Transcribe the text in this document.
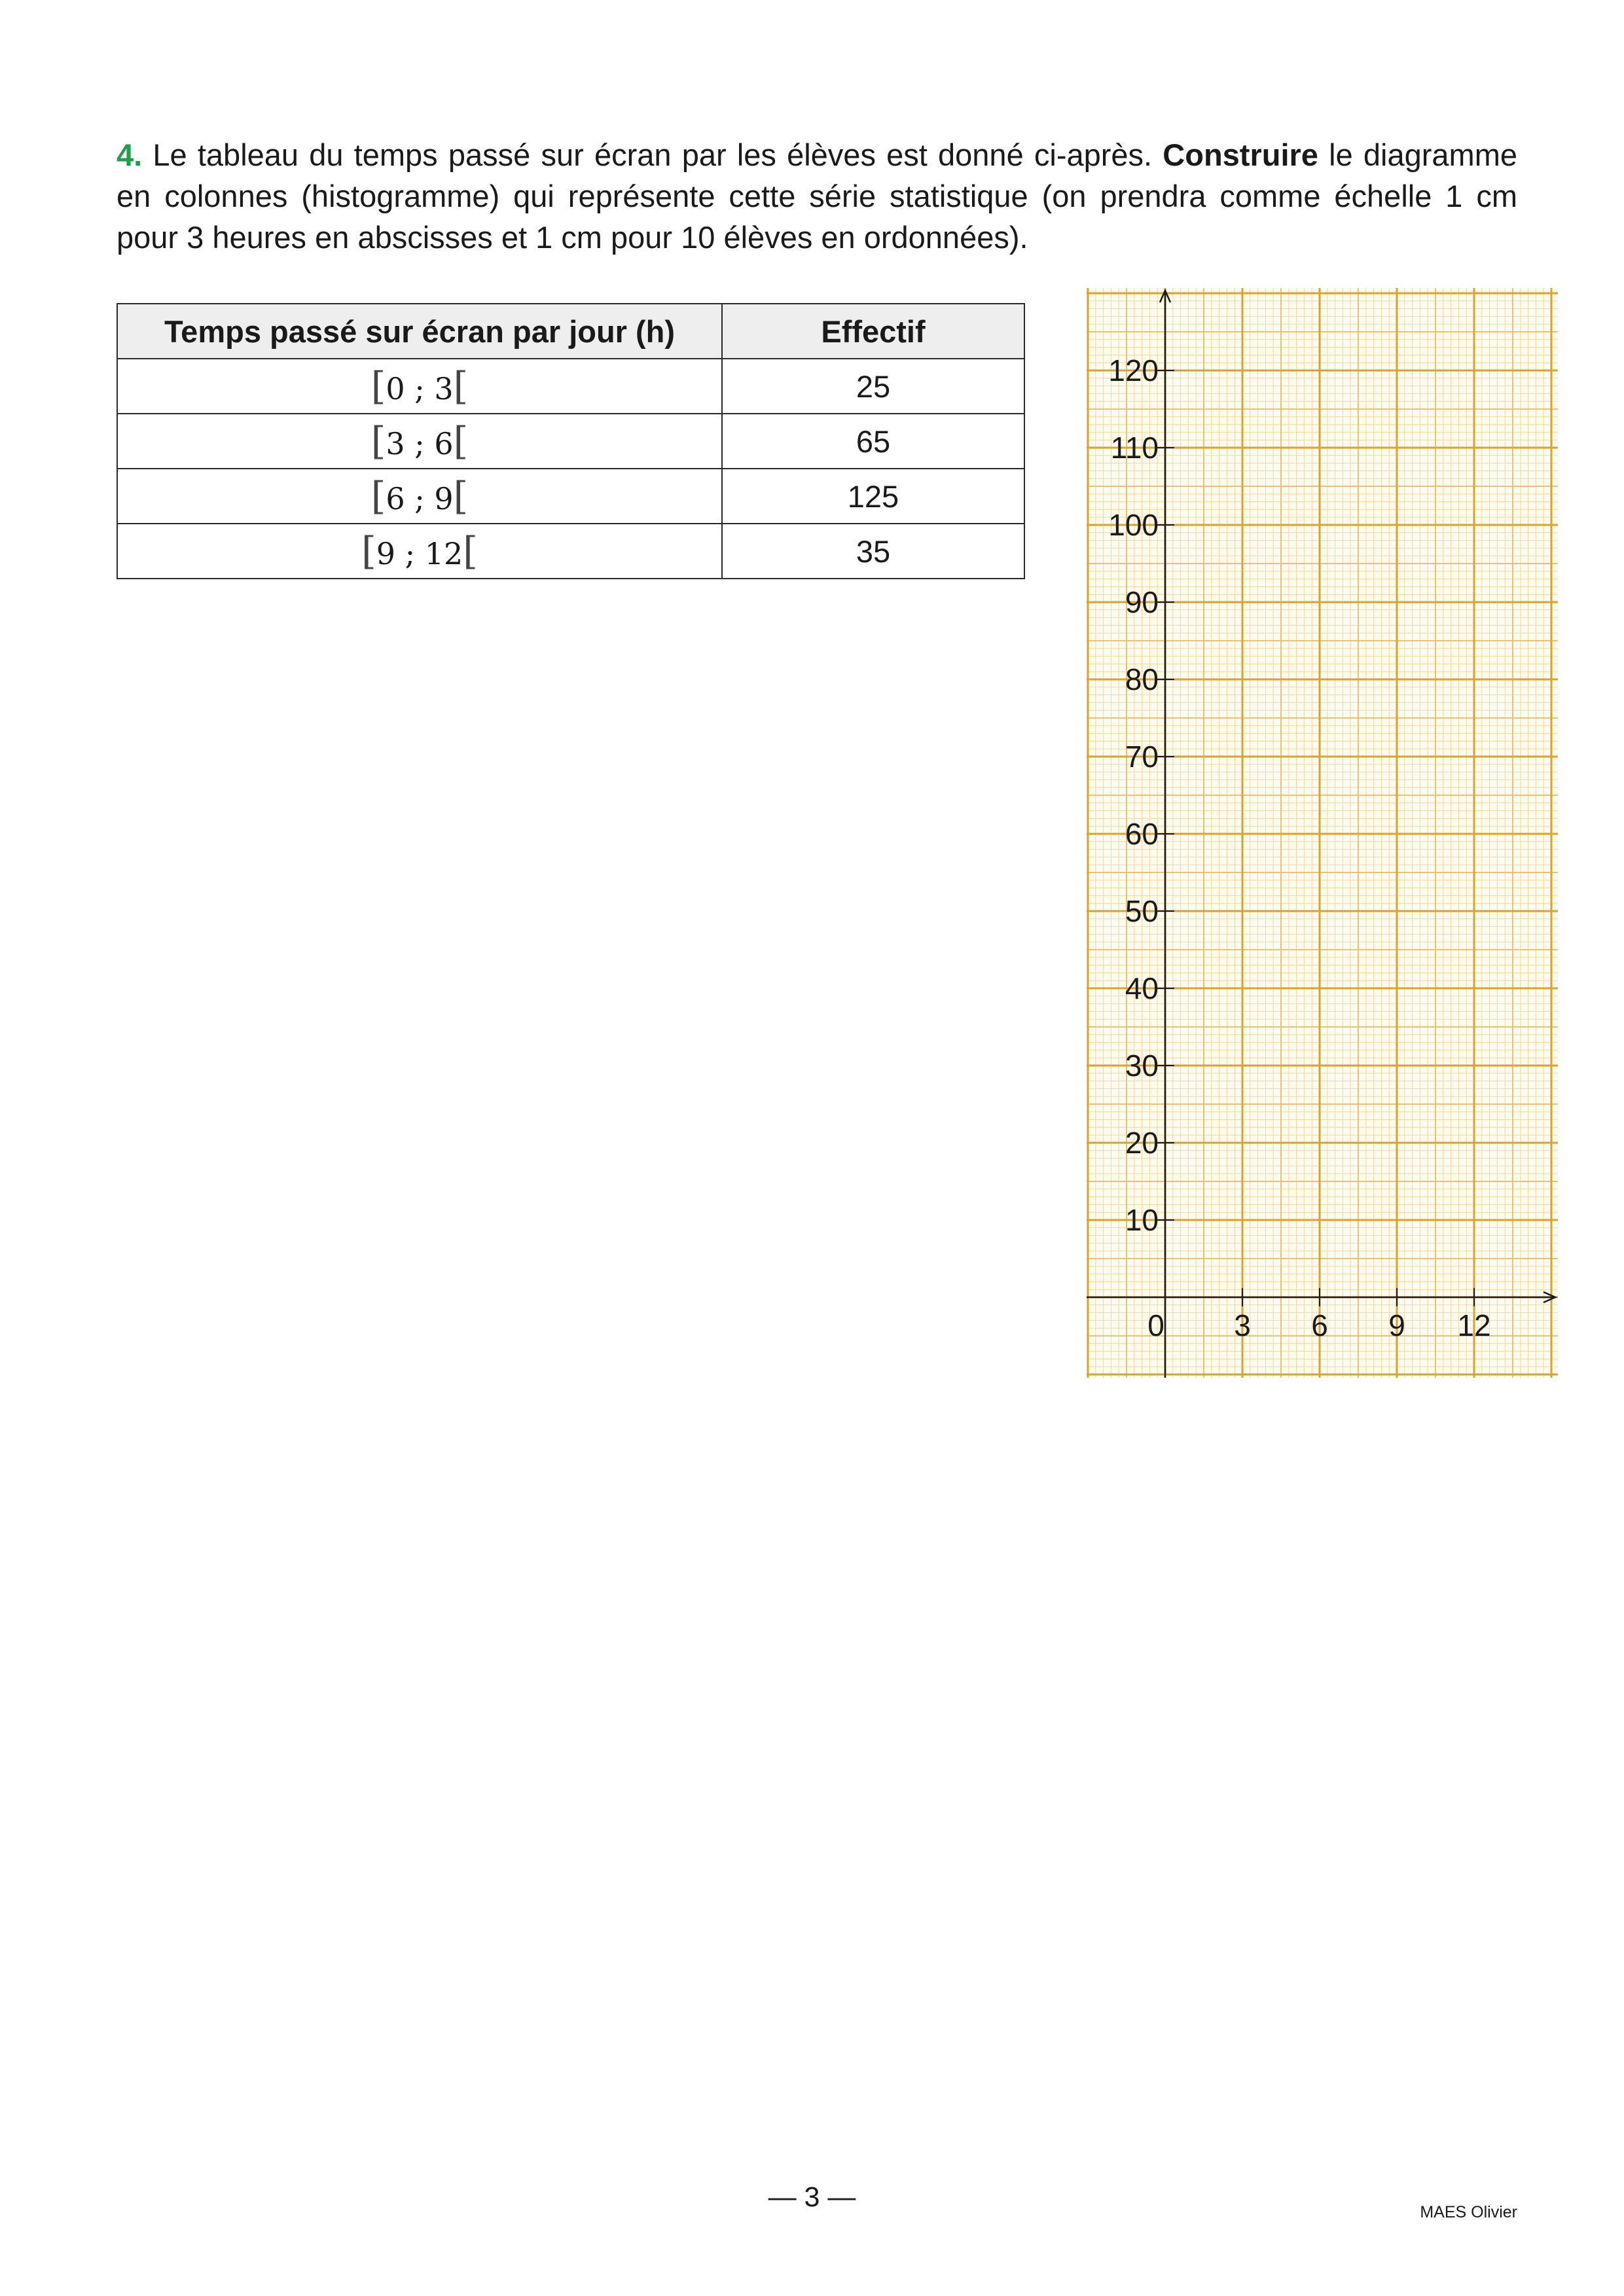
4. Le tableau du temps passé sur écran par les élèves est donné ci-après. Construire le diagramme en colonnes (histogramme) qui représente cette série statistique (on prendra comme échelle 1 cm pour 3 heures en abscisses et 1 cm pour 10 élèves en ordonnées).
Temps passé sur écran par jour (h)	Effectif
[0 ; 3[	25
[3 ; 6[	65
[6 ; 9[	125
[9 ; 12[	35
10
20
30
40
50
60
70
80
90
100
110
120
0 3 6 9 12
— 3 —	MAES Olivier
